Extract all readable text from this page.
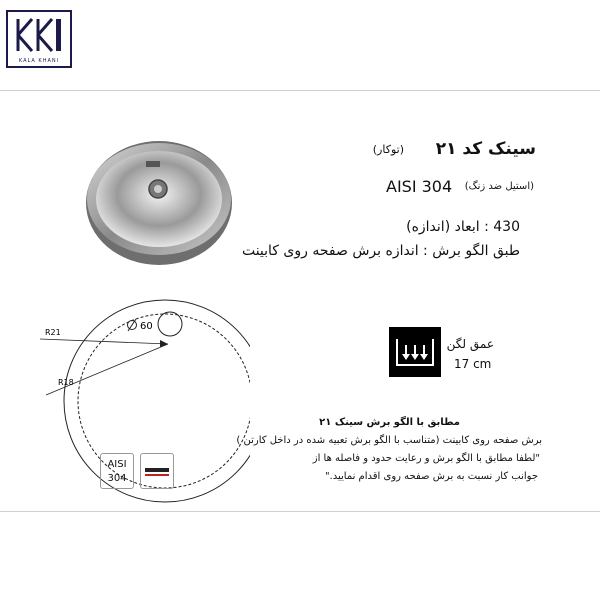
KALA KHANI
R21
R18
60
سینک کد ۲۱
(توکار)
(استیل ضد زنگ)
AISI 304
430 : ابعاد (اندازه)
طبق الگو برش : اندازه برش صفحه روی کابینت
عمق لگن
17 cm
مطابق با الگو برش سینک ۲۱
برش صفحه روی کابینت (متناسب با الگو برش تعبیه شده در داخل کارتن )
"لطفا مطابق با الگو برش و رعایت حدود و فاصله ها از
جوانب کار نسبت به برش صفحه روی اقدام نمایید."
AISI
304
